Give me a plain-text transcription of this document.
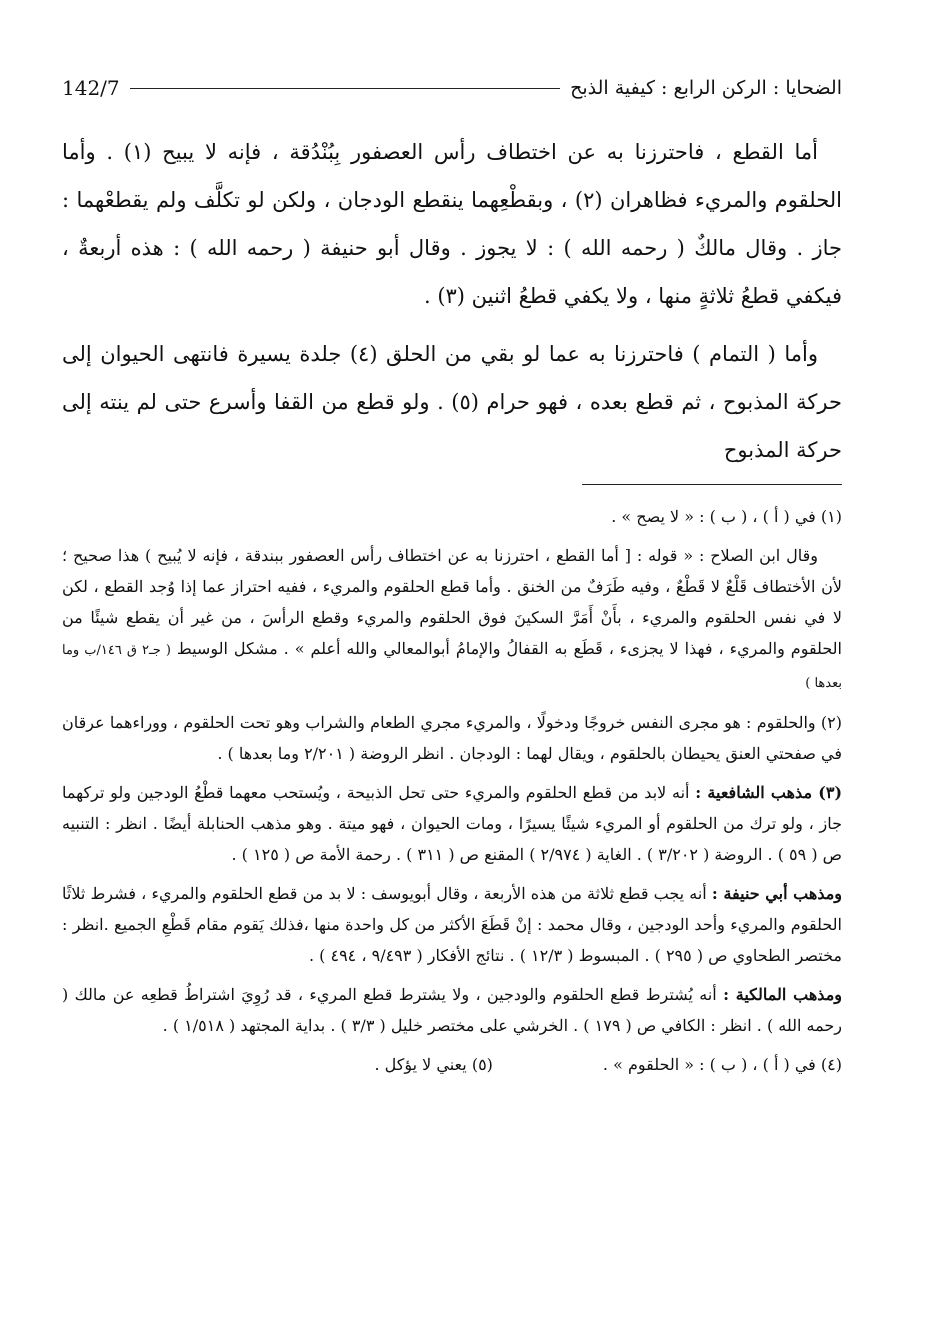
الضحايا : الركن الرابع : كيفية الذبح
142/7

أما القطع ، فاحترزنا به عن اختطاف رأس العصفور بِبُنْدُقة ، فإنه لا يبيح (١) . وأما الحلقوم والمريء فظاهران (٢) ، وبقطْعِهما ينقطع الودجان ، ولكن لو تكلَّف ولم يقطعْهما : جاز . وقال مالكٌ ( رحمه الله ) : لا يجوز . وقال أبو حنيفة ( رحمه الله ) : هذه أربعةٌ ، فيكفي قطعُ ثلاثةٍ منها ، ولا يكفي قطعُ اثنين (٣) .

وأما ( التمام ) فاحترزنا به عما لو بقي من الحلق (٤) جلدة يسيرة فانتهى الحيوان إلى حركة المذبوح ، ثم قطع بعده ، فهو حرام (٥) . ولو قطع من القفا وأسرع حتى لم ينته إلى حركة المذبوح

(١) في ( أ ) ، ( ب ) : « لا يصح » .

وقال ابن الصلاح : « قوله : [ أما القطع ، احترزنا به عن اختطاف رأس العصفور ببندقة ، فإنه لا يُبيح ) هذا صحيح ؛ لأن الأختطاف قَلْعٌ لا قَطْعٌ ، وفيه طَرَفٌ من الخنق . وأما قطع الحلقوم والمريء ، ففيه احتراز عما إذا وُجد القطع ، لكن لا في نفس الحلقوم والمريء ، بأَنْ أَمَرَّ السكينَ فوق الحلقوم والمريء وقطع الرأسَ ، من غير أن يقطع شيئًا من الحلقوم والمريء ، فهذا لا يجزىء ، قَطَع به القفالُ والإمامُ أبوالمعالي والله أعلم » . مشكل الوسيط ( جـ٢ ق ١٤٦/ب وما بعدها )

(٢) والحلقوم : هو مجرى النفس خروجًا ودخولًا ، والمريء مجري الطعام والشراب وهو تحت الحلقوم ، ووراءهما عرقان في صفحتي العنق يحيطان بالحلقوم ، ويقال لهما : الودجان . انظر الروضة ( ٢/٢٠١ وما بعدها ) .

(٣) مذهب الشافعية : أنه لابد من قطع الحلقوم والمريء حتى تحل الذبيحة ، ويُستحب معهما قطْعُ الودجين ولو تركهما جاز ، ولو ترك من الحلقوم أو المريء شيئًا يسيرًا ، ومات الحيوان ، فهو ميتة . وهو مذهب الحنابلة أيضًا . انظر : التنبيه ص ( ٥٩ ) . الروضة ( ٣/٢٠٢ ) . الغاية ( ٢/٩٧٤ ) المقنع ص ( ٣١١ ) . رحمة الأمة ص ( ١٢٥ ) .

ومذهب أبي حنيفة : أنه يجب قطع ثلاثة من هذه الأربعة ، وقال أبويوسف : لا بد من قطع الحلقوم والمريء ، فشرط ثلاثًا الحلقوم والمريء وأحد الودجين ، وقال محمد : إنْ قَطَعَ الأكثر من كل واحدة منها ،فذلك يَقوم مقام قَطْعِ الجميع .انظر : مختصر الطحاوي ص ( ٢٩٥ ) . المبسوط ( ١٢/٣ ) . نتائج الأفكار ( ٩/٤٩٣ ، ٤٩٤ ) .

ومذهب المالكية : أنه يُشترط قطع الحلقوم والودجين ، ولا يشترط قطع المريء ، قد رُوِيَ اشتراطُ قطعِه عن مالك ( رحمه الله ) . انظر : الكافي ص ( ١٧٩ ) . الخرشي على مختصر خليل ( ٣/٣ ) . بداية المجتهد ( ١/٥١٨ ) .

(٤) في ( أ ) ، ( ب ) : « الحلقوم » .
(٥) يعني لا يؤكل .
